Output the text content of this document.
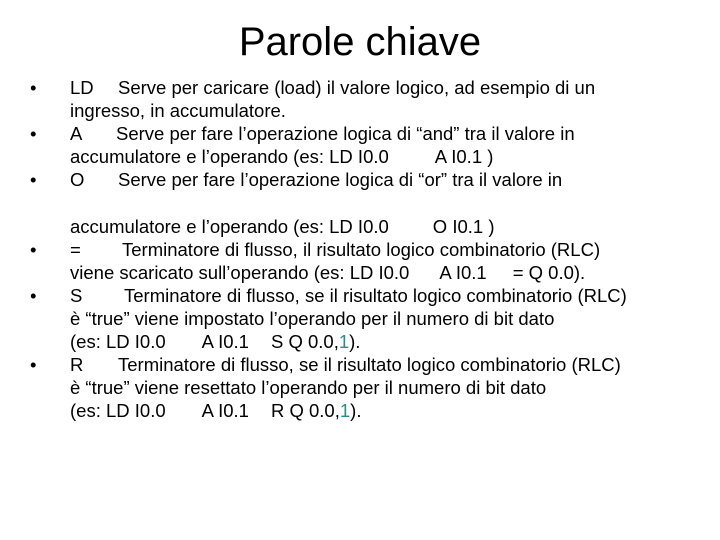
Parole chiave
•	LD Serve per caricare (load) il valore logico, ad esempio di un
ingresso, in accumulatore.
•	A Serve per fare l’operazione logica di “and” tra il valore in
accumulatore e l’operando (es: LD I0.0 A I0.1 )
•	O Serve per fare l’operazione logica di “or” tra il valore in
accumulatore e l’operando (es: LD I0.0 O I0.1 )
•	= Terminatore di flusso, il risultato logico combinatorio (RLC)
viene scaricato sull’operando (es: LD I0.0 A I0.1 = Q 0.0).
•	S Terminatore di flusso, se il risultato logico combinatorio (RLC)
è “true” viene impostato l’operando per il numero di bit dato
(es: LD I0.0 A I0.1 S Q 0.0,1).
•	R Terminatore di flusso, se il risultato logico combinatorio (RLC)
è “true” viene resettato l’operando per il numero di bit dato
(es: LD I0.0 A I0.1 R Q 0.0,1).
